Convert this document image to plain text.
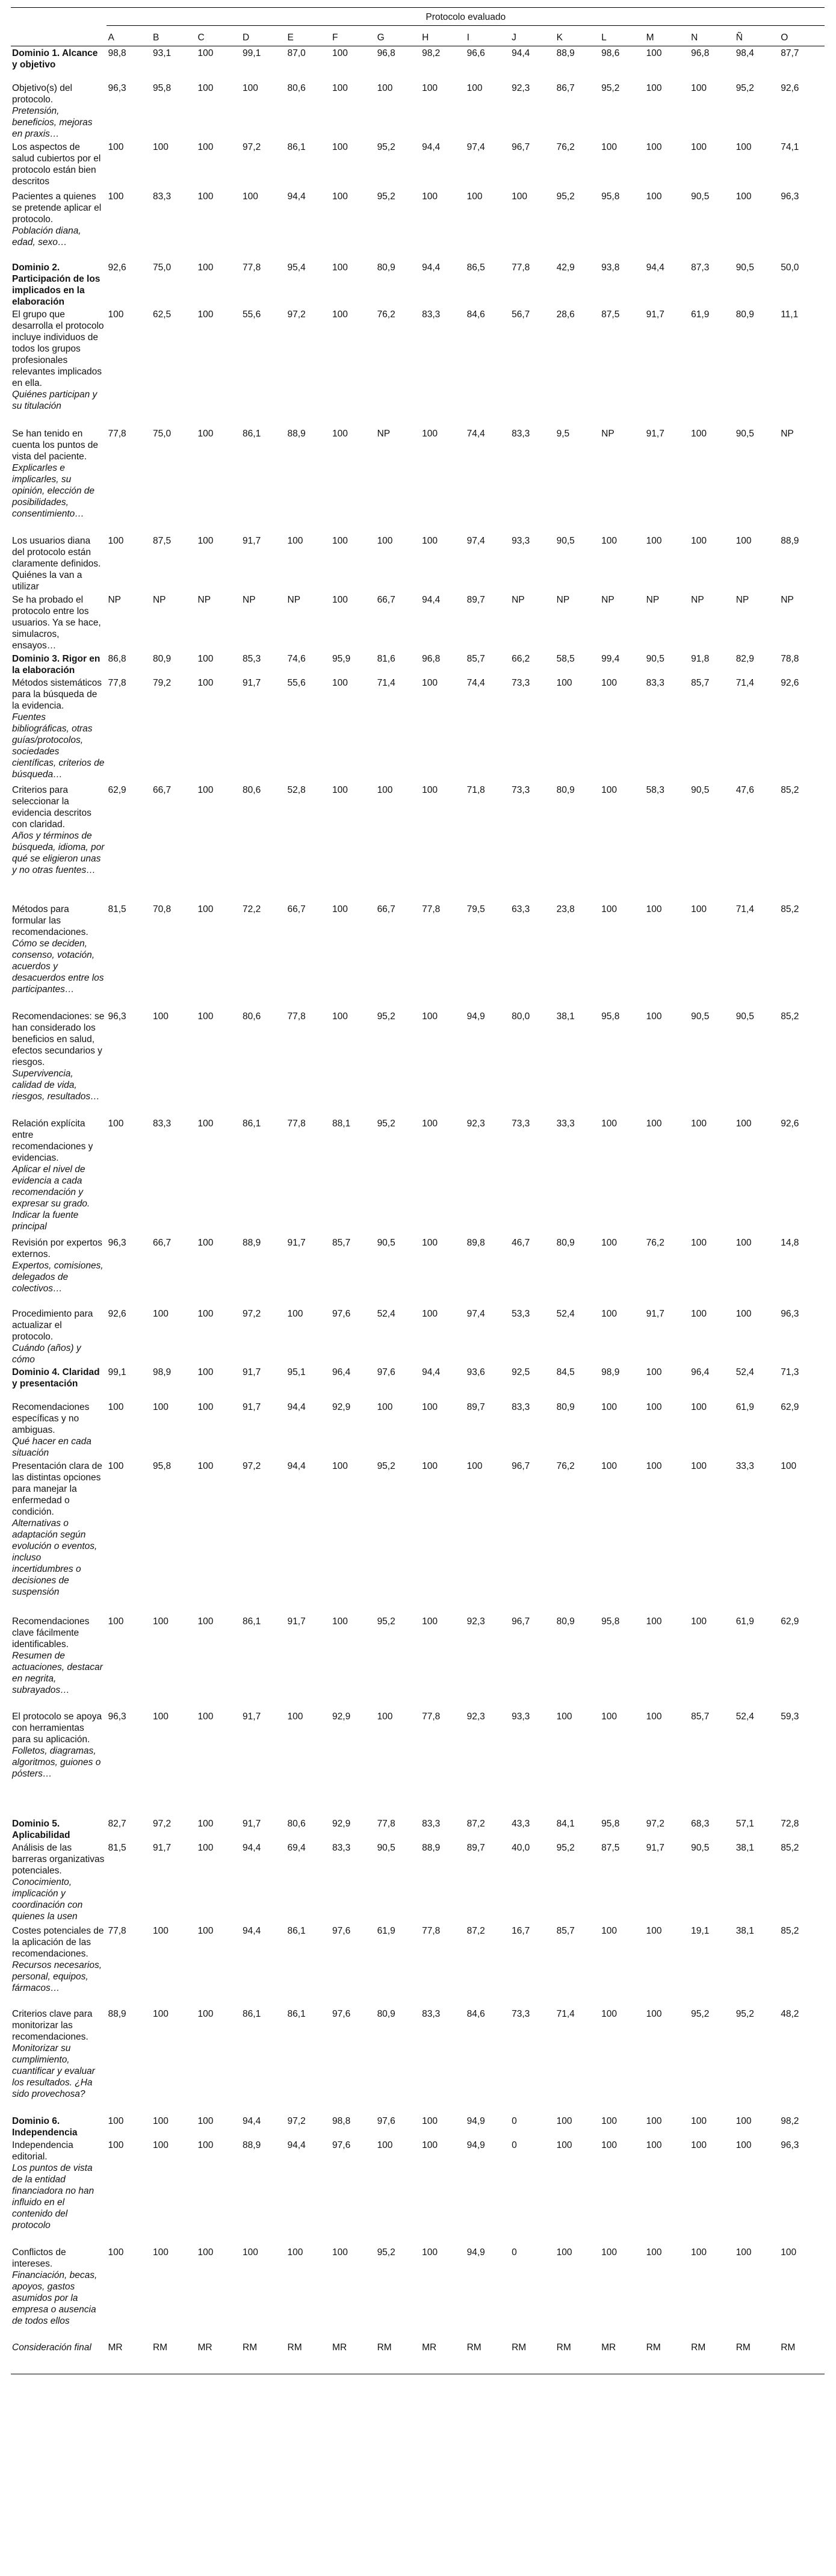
	Protocolo evaluado															
	A	B	C	D	E	F	G	H	I	J	K	L	M	N	Ñ	O

Dominio 1. Alcance y objetivo	98,8	93,1	100	99,1	87,0	100	96,8	98,2	96,6	94,4	88,9	98,6	100	96,8	98,4	87,7

Objetivo(s) del protocolo.
Pretensión, beneficios, mejoras en praxis…	96,3	95,8	100	100	80,6	100	100	100	100	92,3	86,7	95,2	100	100	95,2	92,6

Los aspectos de salud cubiertos por el protocolo están bien descritos	100	100	100	97,2	86,1	100	95,2	94,4	97,4	96,7	76,2	100	100	100	100	74,1

Pacientes a quienes se pretende aplicar el protocolo.
Población diana, edad, sexo…	100	83,3	100	100	94,4	100	95,2	100	100	100	95,2	95,8	100	90,5	100	96,3

Dominio 2. Participación de los implicados en la elaboración	92,6	75,0	100	77,8	95,4	100	80,9	94,4	86,5	77,8	42,9	93,8	94,4	87,3	90,5	50,0

El grupo que desarrolla el protocolo incluye individuos de todos los grupos profesionales relevantes implicados en ella.
Quiénes participan y su titulación	100	62,5	100	55,6	97,2	100	76,2	83,3	84,6	56,7	28,6	87,5	91,7	61,9	80,9	11,1

Se han tenido en cuenta los puntos de vista del paciente.
Explicarles e implicarles, su opinión, elección de posibilidades, consentimiento…	77,8	75,0	100	86,1	88,9	100	NP	100	74,4	83,3	9,5	NP	91,7	100	90,5	NP

Los usuarios diana del protocolo están claramente definidos. Quiénes la van a utilizar	100	87,5	100	91,7	100	100	100	100	97,4	93,3	90,5	100	100	100	100	88,9

Se ha probado el protocolo entre los usuarios. Ya se hace, simulacros, ensayos…	NP	NP	NP	NP	NP	100	66,7	94,4	89,7	NP	NP	NP	NP	NP	NP	NP

Dominio 3. Rigor en la elaboración	86,8	80,9	100	85,3	74,6	95,9	81,6	96,8	85,7	66,2	58,5	99,4	90,5	91,8	82,9	78,8

Métodos sistemáticos para la búsqueda de la evidencia.
Fuentes bibliográficas, otras guías/protocolos, sociedades científicas, criterios de búsqueda…	77,8	79,2	100	91,7	55,6	100	71,4	100	74,4	73,3	100	100	83,3	85,7	71,4	92,6

Criterios para seleccionar la evidencia descritos con claridad.
Años y términos de búsqueda, idioma, por qué se eligieron unas y no otras fuentes…	62,9	66,7	100	80,6	52,8	100	100	100	71,8	73,3	80,9	100	58,3	90,5	47,6	85,2

Métodos para formular las recomendaciones.
Cómo se deciden, consenso, votación, acuerdos y desacuerdos entre los participantes…	81,5	70,8	100	72,2	66,7	100	66,7	77,8	79,5	63,3	23,8	100	100	100	71,4	85,2

Recomendaciones: se han considerado los beneficios en salud, efectos secundarios y riesgos.
Supervivencia, calidad de vida, riesgos, resultados…	96,3	100	100	80,6	77,8	100	95,2	100	94,9	80,0	38,1	95,8	100	90,5	90,5	85,2

Relación explícita entre recomendaciones y evidencias.
Aplicar el nivel de evidencia a cada recomendación y expresar su grado. Indicar la fuente principal	100	83,3	100	86,1	77,8	88,1	95,2	100	92,3	73,3	33,3	100	100	100	100	92,6

Revisión por expertos externos.
Expertos, comisiones, delegados de colectivos…	96,3	66,7	100	88,9	91,7	85,7	90,5	100	89,8	46,7	80,9	100	76,2	100	100	14,8

Procedimiento para actualizar el protocolo.
Cuándo (años) y cómo	92,6	100	100	97,2	100	97,6	52,4	100	97,4	53,3	52,4	100	91,7	100	100	96,3

Dominio 4. Claridad y presentación	99,1	98,9	100	91,7	95,1	96,4	97,6	94,4	93,6	92,5	84,5	98,9	100	96,4	52,4	71,3

Recomendaciones específicas y no ambiguas.
Qué hacer en cada situación	100	100	100	91,7	94,4	92,9	100	100	89,7	83,3	80,9	100	100	100	61,9	62,9

Presentación clara de las distintas opciones para manejar la enfermedad o condición.
Alternativas o adaptación según evolución o eventos, incluso incertidumbres o decisiones de suspensión	100	95,8	100	97,2	94,4	100	95,2	100	100	96,7	76,2	100	100	100	33,3	100

Recomendaciones clave fácilmente identificables.
Resumen de actuaciones, destacar en negrita, subrayados…	100	100	100	86,1	91,7	100	95,2	100	92,3	96,7	80,9	95,8	100	100	61,9	62,9

El protocolo se apoya con herramientas para su aplicación.
Folletos, diagramas, algoritmos, guiones o pósters…	96,3	100	100	91,7	100	92,9	100	77,8	92,3	93,3	100	100	100	85,7	52,4	59,3

Dominio 5. Aplicabilidad	82,7	97,2	100	91,7	80,6	92,9	77,8	83,3	87,2	43,3	84,1	95,8	97,2	68,3	57,1	72,8

Análisis de las barreras organizativas potenciales.
Conocimiento, implicación y coordinación con quienes la usen	81,5	91,7	100	94,4	69,4	83,3	90,5	88,9	89,7	40,0	95,2	87,5	91,7	90,5	38,1	85,2

Costes potenciales de la aplicación de las recomendaciones.
Recursos necesarios, personal, equipos, fármacos…	77,8	100	100	94,4	86,1	97,6	61,9	77,8	87,2	16,7	85,7	100	100	19,1	38,1	85,2

Criterios clave para monitorizar las recomendaciones.
Monitorizar su cumplimiento, cuantificar y evaluar los resultados. ¿Ha sido provechosa?	88,9	100	100	86,1	86,1	97,6	80,9	83,3	84,6	73,3	71,4	100	100	95,2	95,2	48,2

Dominio 6. Independencia	100	100	100	94,4	97,2	98,8	97,6	100	94,9	0	100	100	100	100	100	98,2

Independencia editorial.
Los puntos de vista de la entidad financiadora no han influido en el contenido del protocolo	100	100	100	88,9	94,4	97,6	100	100	94,9	0	100	100	100	100	100	96,3

Conflictos de intereses.
Financiación, becas, apoyos, gastos asumidos por la empresa o ausencia de todos ellos	100	100	100	100	100	100	95,2	100	94,9	0	100	100	100	100	100	100

Consideración final	MR	RM	MR	RM	RM	MR	RM	MR	RM	RM	RM	MR	RM	RM	RM	RM
